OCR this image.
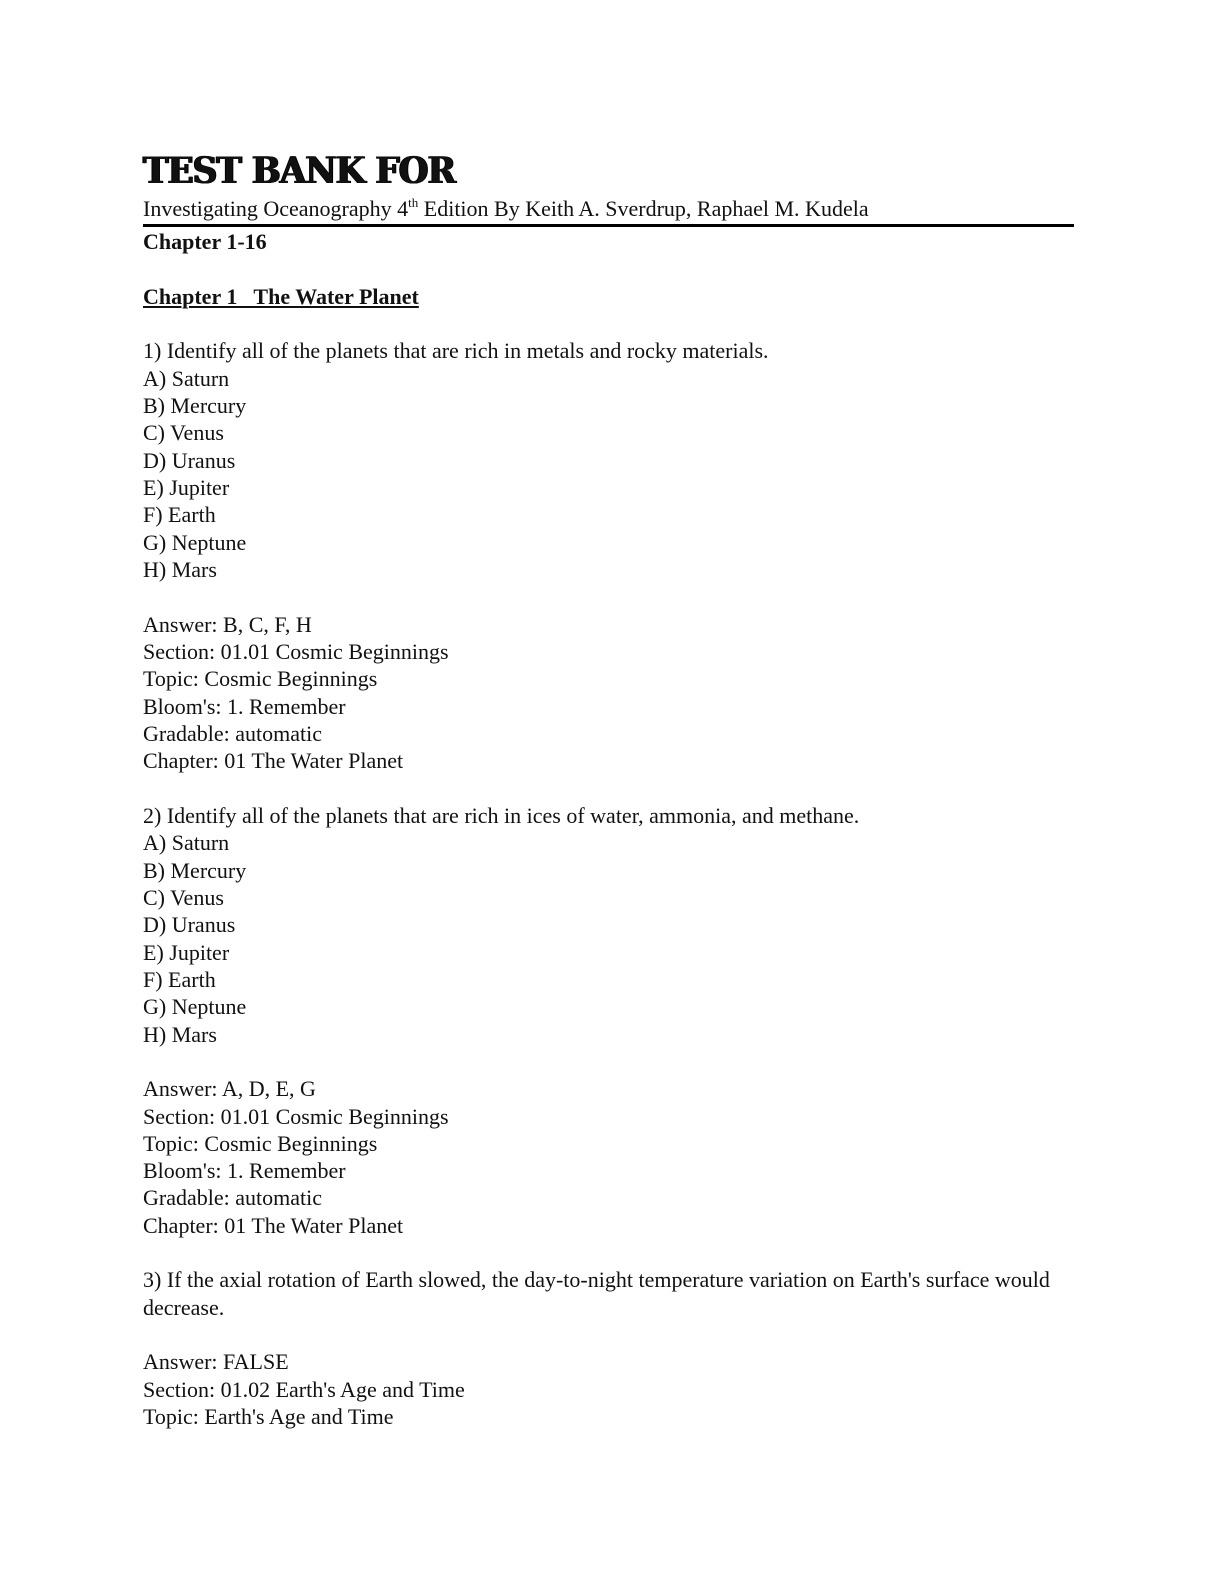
TEST BANK FOR
Investigating Oceanography 4th Edition By Keith A. Sverdrup, Raphael M. Kudela
Chapter 1-16
Chapter 1   The Water Planet
1) Identify all of the planets that are rich in metals and rocky materials.
A) Saturn
B) Mercury
C) Venus
D) Uranus
E) Jupiter
F) Earth
G) Neptune
H) Mars
Answer: B, C, F, H
Section: 01.01 Cosmic Beginnings
Topic: Cosmic Beginnings
Bloom's: 1. Remember
Gradable: automatic
Chapter: 01 The Water Planet
2) Identify all of the planets that are rich in ices of water, ammonia, and methane.
A) Saturn
B) Mercury
C) Venus
D) Uranus
E) Jupiter
F) Earth
G) Neptune
H) Mars
Answer: A, D, E, G
Section: 01.01 Cosmic Beginnings
Topic: Cosmic Beginnings
Bloom's: 1. Remember
Gradable: automatic
Chapter: 01 The Water Planet
3) If the axial rotation of Earth slowed, the day-to-night temperature variation on Earth's surface would decrease.
Answer: FALSE
Section: 01.02 Earth's Age and Time
Topic: Earth's Age and Time
